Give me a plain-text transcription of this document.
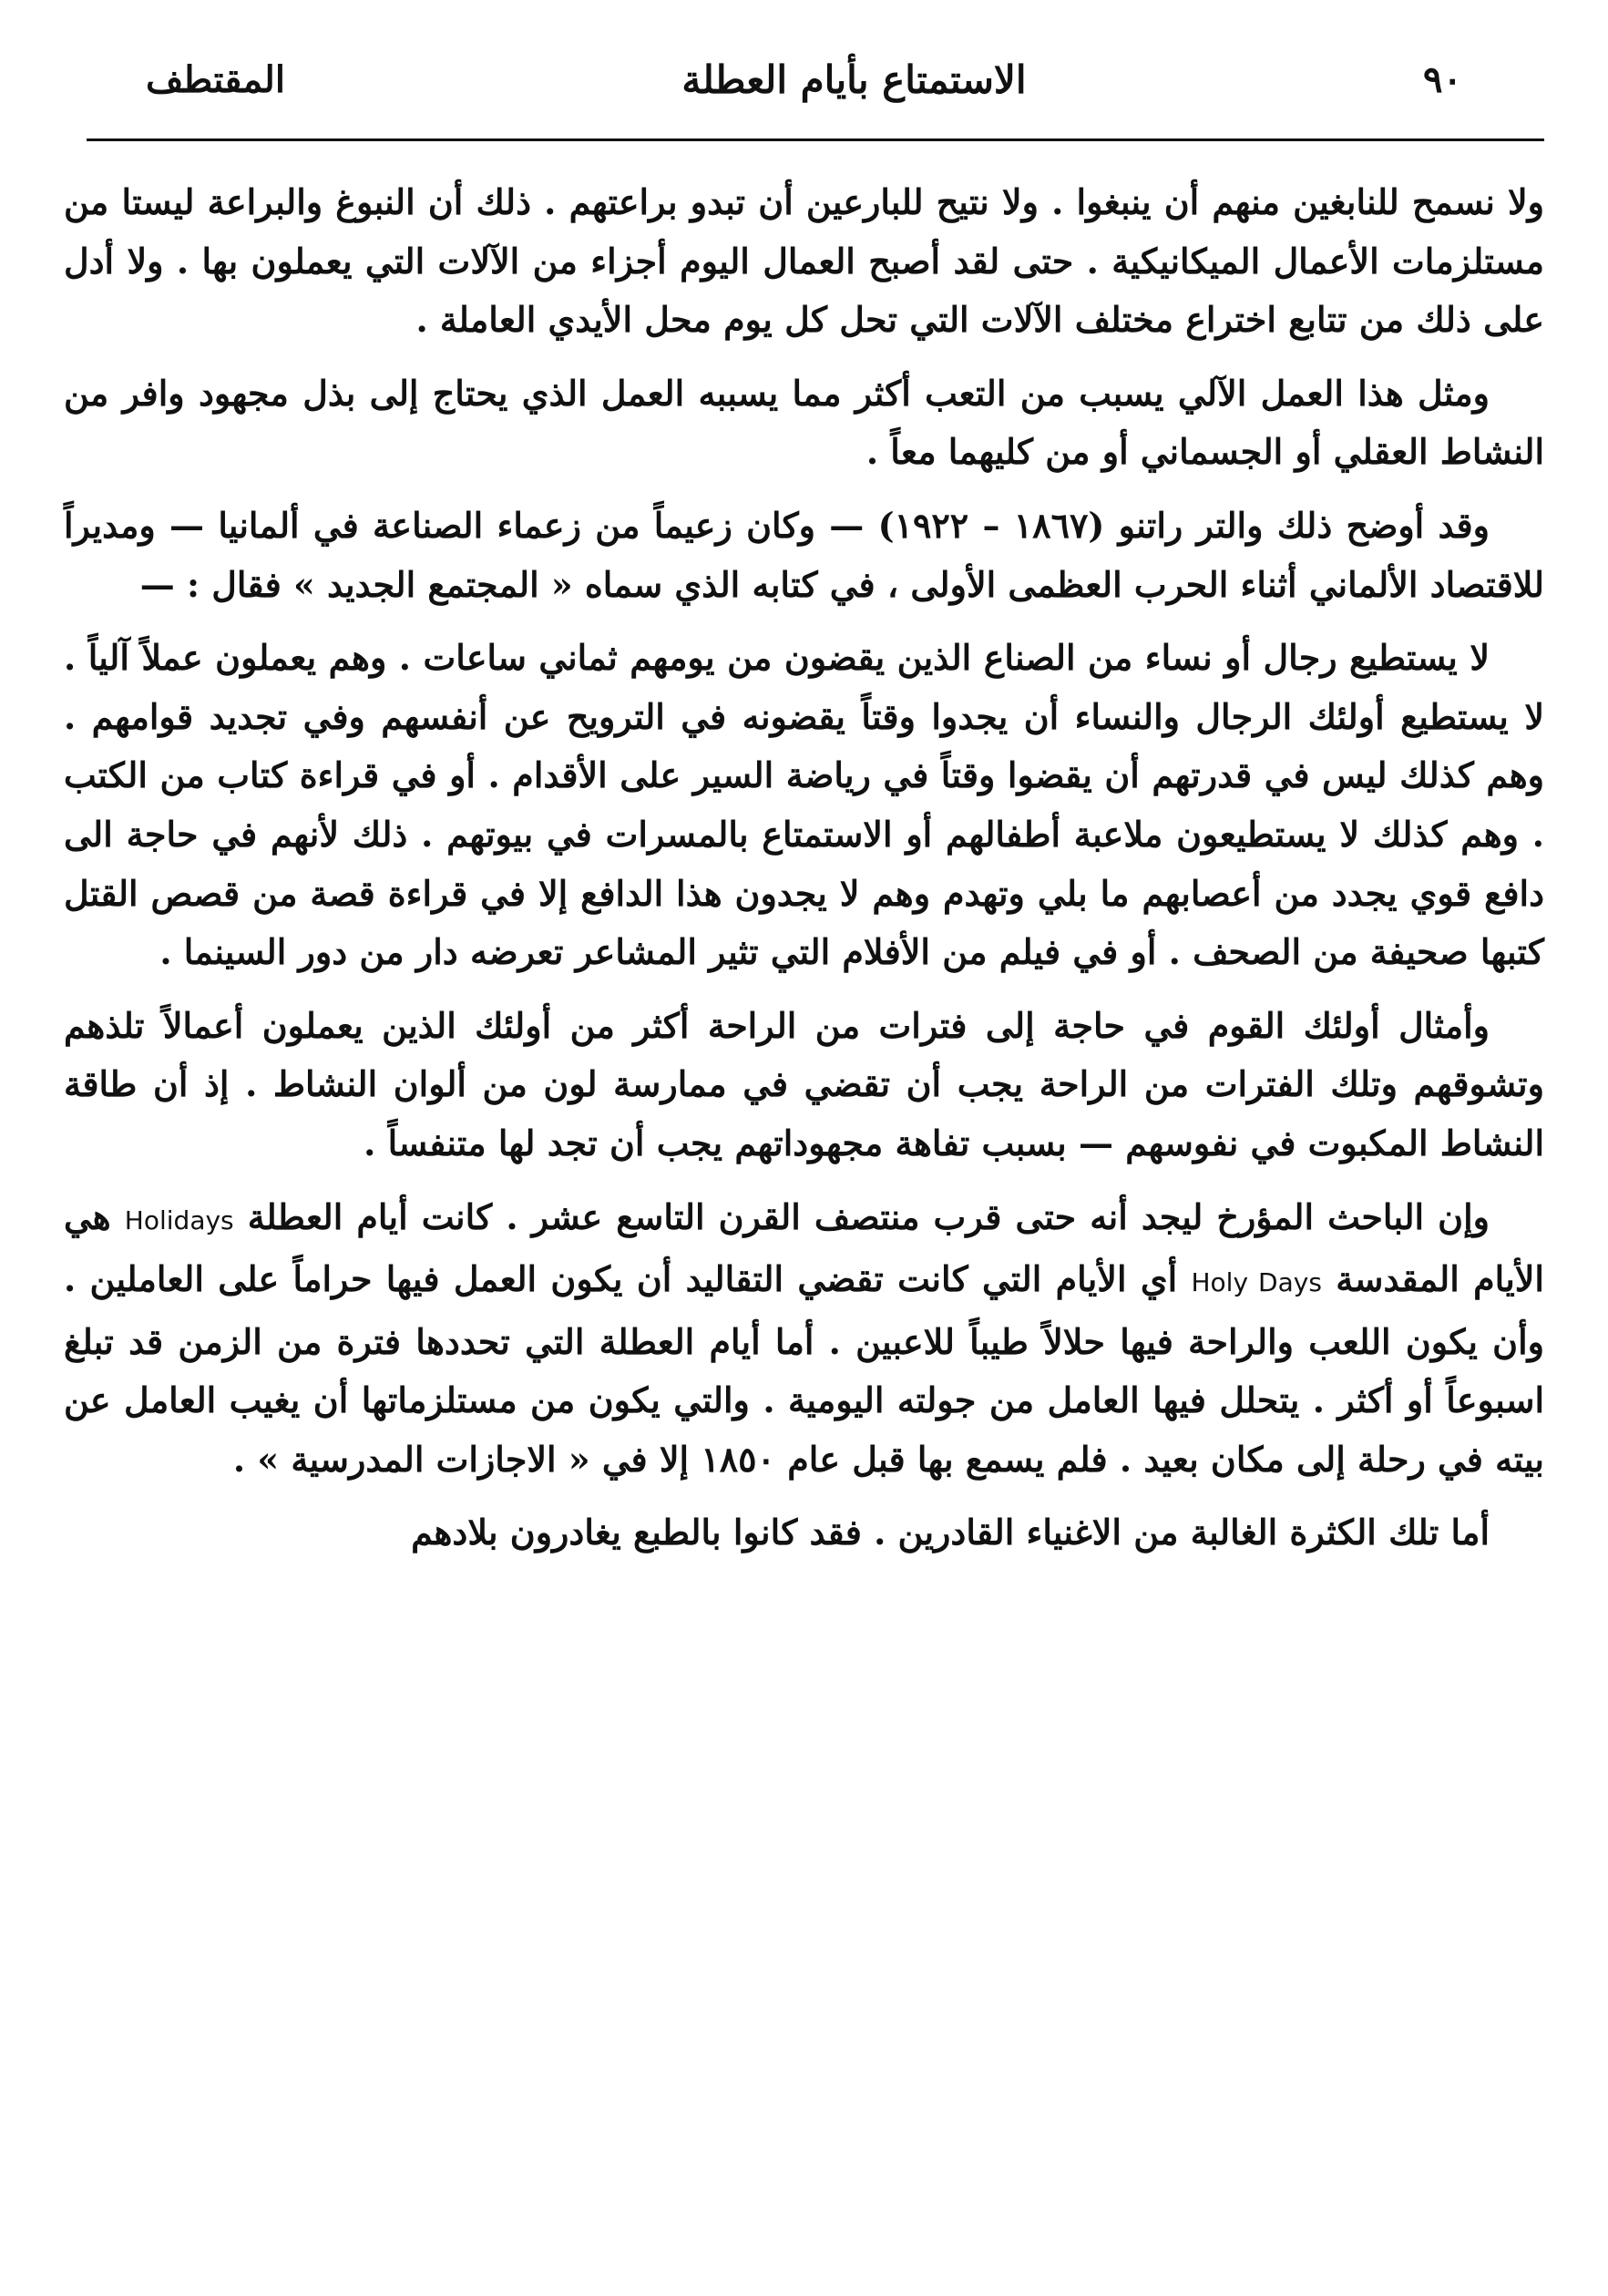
٩٠
الاستمتاع بأيام العطلة
المقتطف

ولا نسمح للنابغين منهم أن ينبغوا . ولا نتيح للبارعين أن تبدو براعتهم . ذلك أن النبوغ والبراعة ليستا من مستلزمات الأعمال الميكانيكية . حتى لقد أصبح العمال اليوم أجزاء من الآلات التي يعملون بها . ولا أدل على ذلك من تتابع اختراع مختلف الآلات التي تحل كل يوم محل الأيدي العاملة .

ومثل هذا العمل الآلي يسبب من التعب أكثر مما يسببه العمل الذي يحتاج إلى بذل مجهود وافر من النشاط العقلي أو الجسماني أو من كليهما معاً .

وقد أوضح ذلك والتر راتنو (١٨٦٧ – ١٩٢٢) — وكان زعيماً من زعماء الصناعة في ألمانيا — ومديراً للاقتصاد الألماني أثناء الحرب العظمى الأولى ، في كتابه الذي سماه « المجتمع الجديد » فقال : —

لا يستطيع رجال أو نساء من الصناع الذين يقضون من يومهم ثماني ساعات . وهم يعملون عملاً آلياً . لا يستطيع أولئك الرجال والنساء أن يجدوا وقتاً يقضونه في الترويح عن أنفسهم وفي تجديد قوامهم . وهم كذلك ليس في قدرتهم أن يقضوا وقتاً في رياضة السير على الأقدام . أو في قراءة كتاب من الكتب . وهم كذلك لا يستطيعون ملاعبة أطفالهم أو الاستمتاع بالمسرات في بيوتهم . ذلك لأنهم في حاجة الى دافع قوي يجدد من أعصابهم ما بلي وتهدم وهم لا يجدون هذا الدافع إلا في قراءة قصة من قصص القتل كتبها صحيفة من الصحف . أو في فيلم من الأفلام التي تثير المشاعر تعرضه دار من دور السينما .

وأمثال أولئك القوم في حاجة إلى فترات من الراحة أكثر من أولئك الذين يعملون أعمالاً تلذهم وتشوقهم وتلك الفترات من الراحة يجب أن تقضي في ممارسة لون من ألوان النشاط . إذ أن طاقة النشاط المكبوت في نفوسهم — بسبب تفاهة مجهوداتهم يجب أن تجد لها متنفساً .

وإن الباحث المؤرخ ليجد أنه حتى قرب منتصف القرن التاسع عشر . كانت أيام العطلة Holidays هي الأيام المقدسة Holy Days أي الأيام التي كانت تقضي التقاليد أن يكون العمل فيها حراماً على العاملين . وأن يكون اللعب والراحة فيها حلالاً طيباً للاعبين . أما أيام العطلة التي تحددها فترة من الزمن قد تبلغ اسبوعاً أو أكثر . يتحلل فيها العامل من جولته اليومية . والتي يكون من مستلزماتها أن يغيب العامل عن بيته في رحلة إلى مكان بعيد . فلم يسمع بها قبل عام ١٨٥٠ إلا في « الاجازات المدرسية » .

أما تلك الكثرة الغالبة من الاغنياء القادرين . فقد كانوا بالطبع يغادرون بلادهم
